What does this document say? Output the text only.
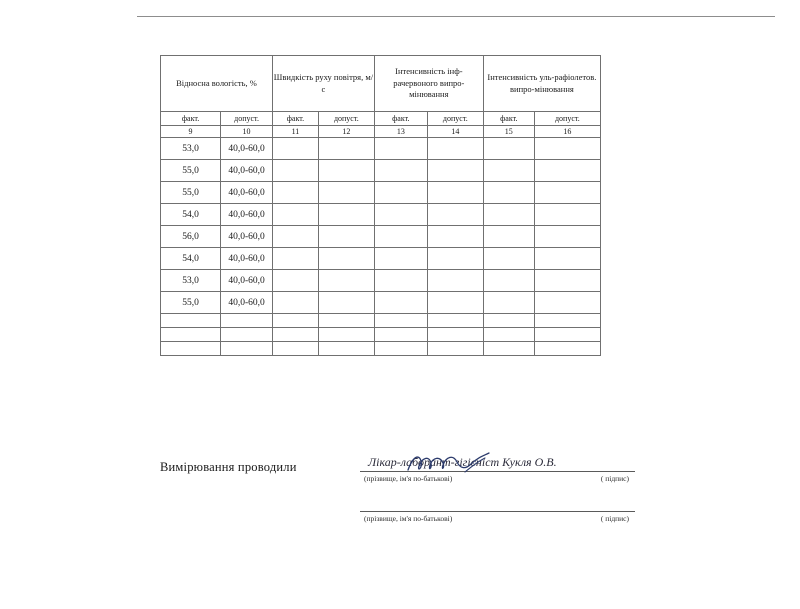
Відносна вологість, %		Швидкість руху повітря, м/с		Інтенсивність інф-рачервоного випро-мінювання		Інтенсивність уль-рафіолетов. випро-мінювання	
факт.	допуст.	факт.	допуст.	факт.	допуст.	факт.	допуст.
9	10	11	12	13	14	15	16
53,0	40,0-60,0						
55,0	40,0-60,0						
55,0	40,0-60,0						
54,0	40,0-60,0						
56,0	40,0-60,0						
54,0	40,0-60,0						
53,0	40,0-60,0						
55,0	40,0-60,0						

Вимірювання проводили	Лікар-лаборант-гігієніст Кукля О.В.
(прізвище, ім'я по-батькові)	( підпис)
(прізвище, ім'я по-батькові)	( підпис)
